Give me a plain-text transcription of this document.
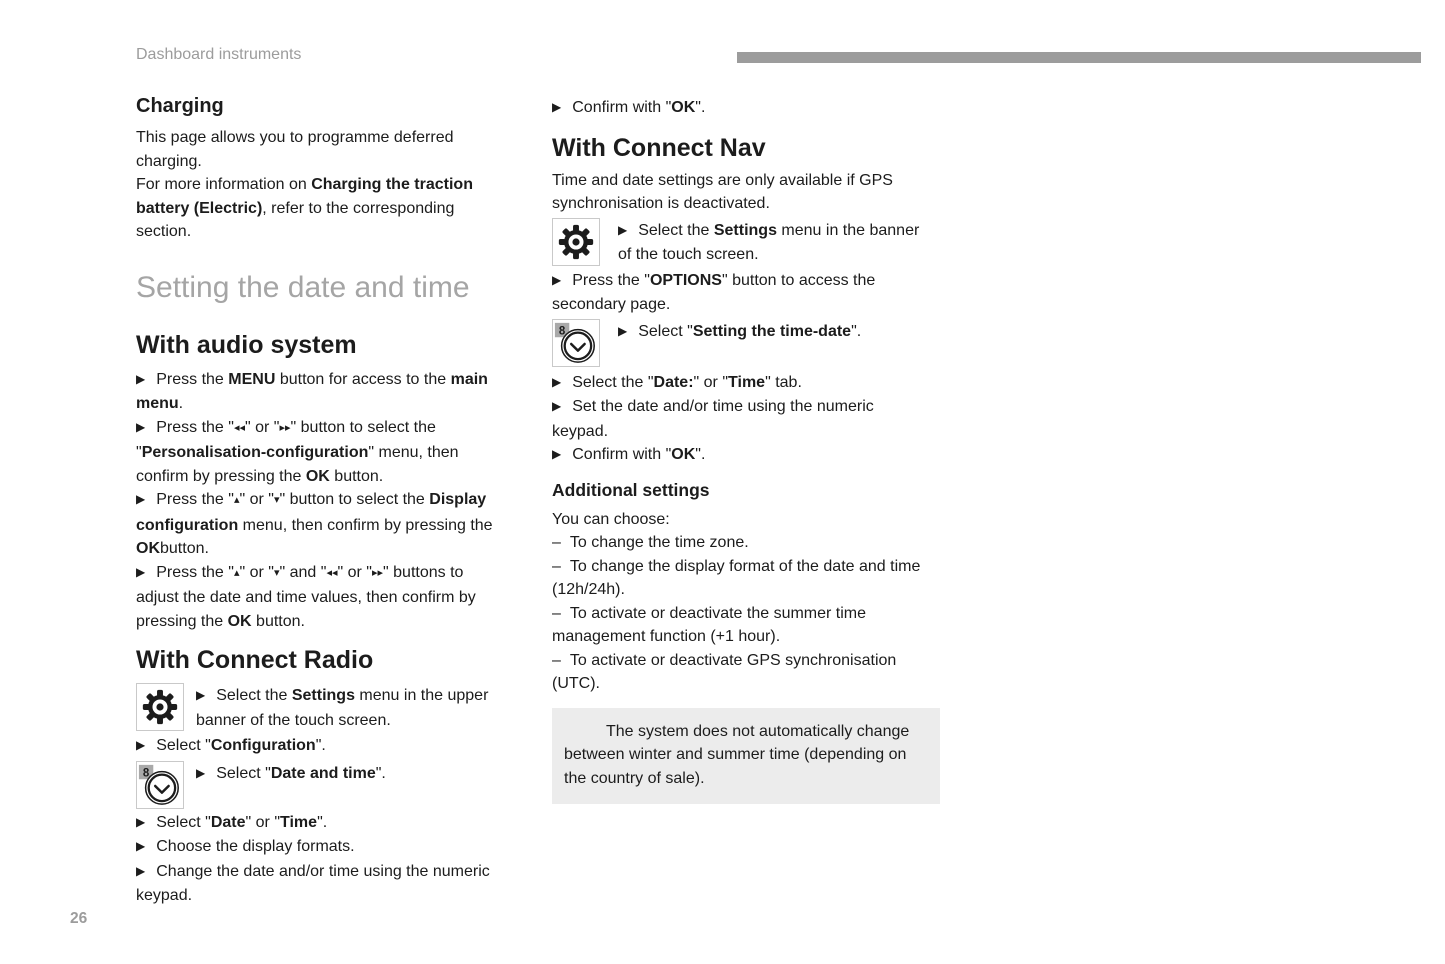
Dashboard instruments
Charging

This page allows you to programme deferred charging.

For more information on Charging the traction battery (Electric), refer to the corresponding section.

Setting the date and time
With audio system

▶ Press the MENU button for access to the main menu.

▶ Press the "◂◂" or "▸▸" button to select the "Personalisation-configuration" menu, then confirm by pressing the OK button.

▶ Press the "▴" or "▾" button to select the Display configuration menu, then confirm by pressing the OKbutton.

▶ Press the "▴" or "▾" and "◂◂" or "▸▸" buttons to adjust the date and time values, then confirm by pressing the OK button.

With Connect Radio

▶ Select the Settings menu in the upper banner of the touch screen.

▶ Select "Configuration".

8	▶ Select "Date and time".

▶ Select "Date" or "Time".

▶ Choose the display formats.

▶ Change the date and/or time using the numeric keypad.

▶ Confirm with "OK".

With Connect Nav

Time and date settings are only available if GPS synchronisation is deactivated.

▶ Select the Settings menu in the banner of the touch screen.

▶ Press the "OPTIONS" button to access the secondary page.

8	▶ Select "Setting the time-date".

▶ Select the "Date:" or "Time" tab.

▶ Set the date and/or time using the numeric keypad.

▶ Confirm with "OK".

Additional settings

You can choose:

– To change the time zone.

– To change the display format of the date and time (12h/24h).

– To activate or deactivate the summer time management function (+1 hour).

– To activate or deactivate GPS synchronisation (UTC).

The system does not automatically change between winter and summer time (depending on the country of sale).
26
